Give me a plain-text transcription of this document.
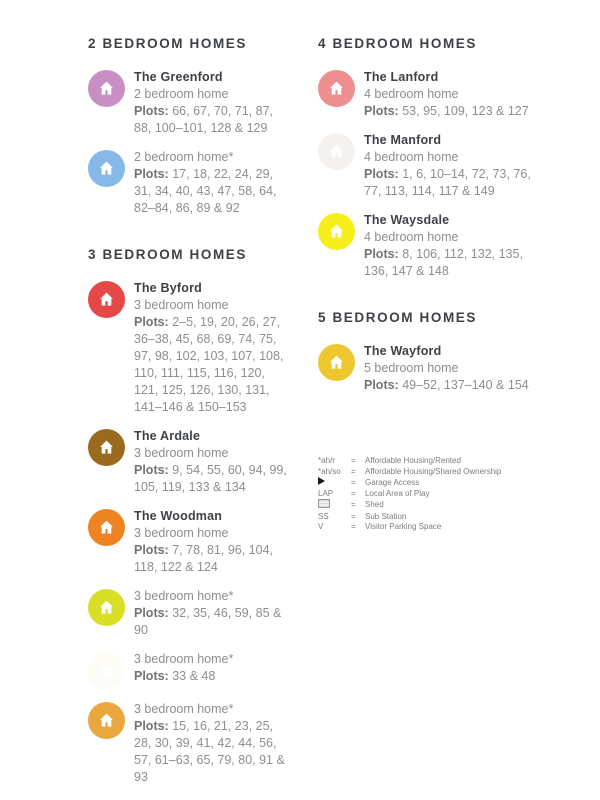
2 BEDROOM HOMES
The Greenford
2 bedroom home
Plots: 66, 67, 70, 71, 87, 88, 100–101, 128 & 129
2 bedroom home*
Plots: 17, 18, 22, 24, 29, 31, 34, 40, 43, 47, 58, 64, 82–84, 86, 89 & 92
3 BEDROOM HOMES
The Byford
3 bedroom home
Plots: 2–5, 19, 20, 26, 27, 36–38, 45, 68, 69, 74, 75, 97, 98, 102, 103, 107, 108, 110, 111, 115, 116, 120, 121, 125, 126, 130, 131, 141–146 & 150–153
The Ardale
3 bedroom home
Plots: 9, 54, 55, 60, 94, 99, 105, 119, 133 & 134
The Woodman
3 bedroom home
Plots: 7, 78, 81, 96, 104, 118, 122 & 124
3 bedroom home*
Plots: 32, 35, 46, 59, 85 & 90
3 bedroom home*
Plots: 33 & 48
3 bedroom home*
Plots: 15, 16, 21, 23, 25, 28, 30, 39, 41, 42, 44, 56, 57, 61–63, 65, 79, 80, 91 & 93
4 BEDROOM HOMES
The Lanford
4 bedroom home
Plots: 53, 95, 109, 123 & 127
The Manford
4 bedroom home
Plots: 1, 6, 10–14, 72, 73, 76, 77, 113, 114, 117 & 149
The Waysdale
4 bedroom home
Plots: 8, 106, 112, 132, 135, 136, 147 & 148
5 BEDROOM HOMES
The Wayford
5 bedroom home
Plots: 49–52, 137–140 & 154
*ah/r	=	Affordable Housing/Rented
*ah/so	=	Affordable Housing/Shared Ownership
=	Garage Access
LAP	=	Local Area of Play
=	Shed
SS	=	Sub Station
V	=	Visitor Parking Space
